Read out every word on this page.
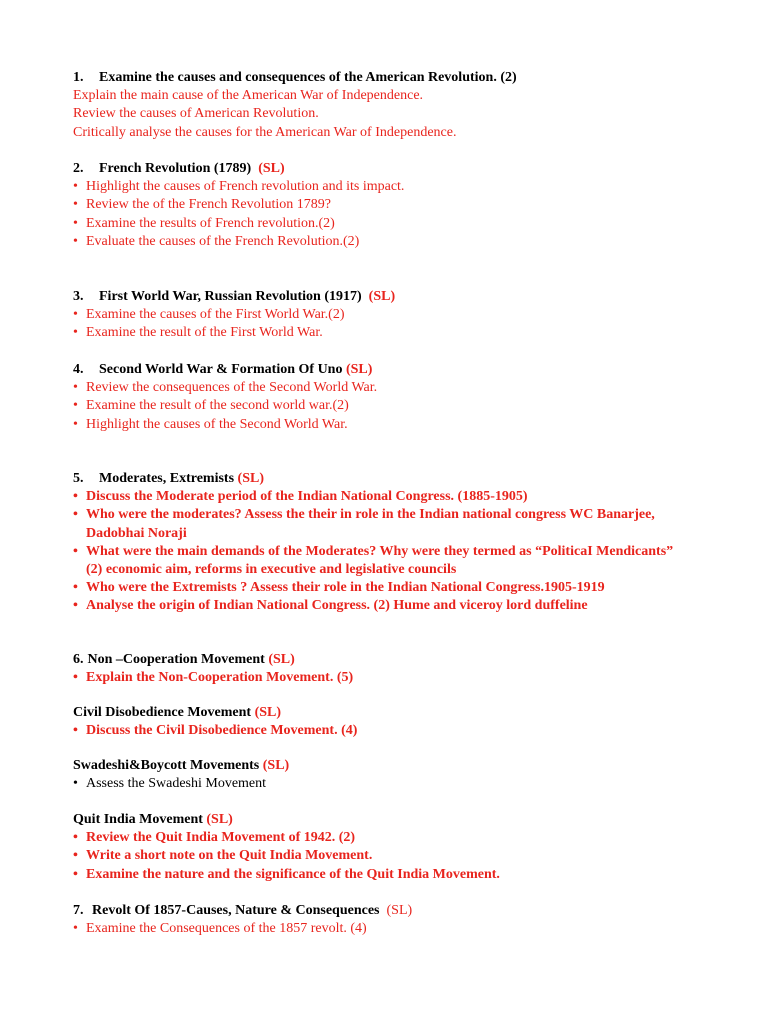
1. Examine the causes and consequences of the American Revolution. (2)

Explain the main cause of the American War of Independence.

Review the causes of American Revolution.

Critically analyse the causes for the American War of Independence.

2. French Revolution (1789) (SL)

• Highlight the causes of French revolution and its impact.
• Review the of the French Revolution 1789?
• Examine the results of French revolution.(2)
• Evaluate the causes of the French Revolution.(2)

3. First World War, Russian Revolution (1917) (SL)

• Examine the causes of the First World War.(2)
• Examine the result of the First World War.

4. Second World War & Formation Of Uno (SL)

• Review the consequences of the Second World War.
• Examine the result of the second world war.(2)
• Highlight the causes of the Second World War.

5. Moderates, Extremists (SL)

• Discuss the Moderate period of the Indian National Congress. (1885-1905)
• Who were the moderates? Assess the their in role in the Indian national congress WC Banarjee, Dadobhai Noraji
• What were the main demands of the Moderates? Why were they termed as “PoliticaI Mendicants” (2) economic aim, reforms in executive and legislative councils
• Who were the Extremists ? Assess their role in the Indian National Congress.1905-1919
• Analyse the origin of Indian National Congress. (2) Hume and viceroy lord duffeline

6. Non –Cooperation Movement (SL)

• Explain the Non-Cooperation Movement. (5)

Civil Disobedience Movement (SL)

• Discuss the Civil Disobedience Movement. (4)

Swadeshi&Boycott Movements (SL)

• Assess the Swadeshi Movement

Quit India Movement (SL)

• Review the Quit India Movement of 1942. (2)
• Write a short note on the Quit India Movement.
• Examine the nature and the significance of the Quit India Movement.

7. Revolt Of 1857-Causes, Nature & Consequences (SL)

• Examine the Consequences of the 1857 revolt. (4)
